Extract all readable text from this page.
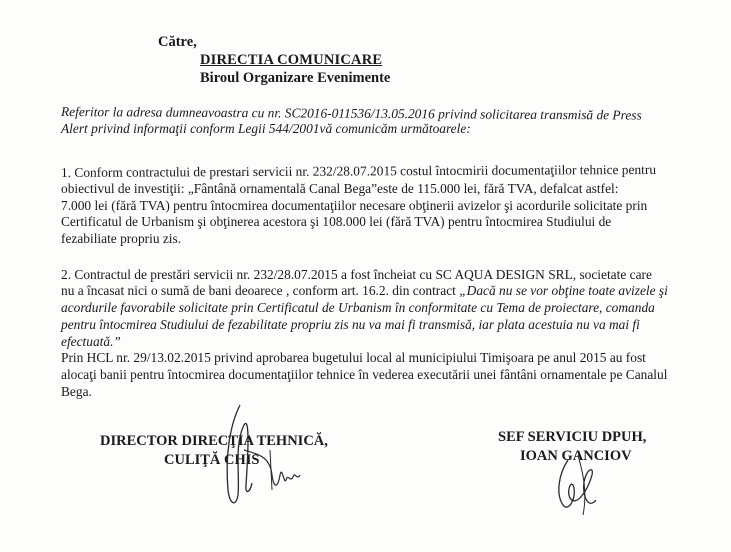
Către,
DIRECTIA COMUNICARE
Biroul Organizare Evenimente
Referitor la adresa dumneavoastra cu nr. SC2016-011536/13.05.2016 privind solicitarea transmisă de Press
Alert privind informaţii conform Legii 544/2001vă comunicăm următoarele:
1. Conform contractului de prestari servicii nr. 232/28.07.2015 costul întocmirii documentaţiilor tehnice pentru
obiectivul de investiţii: „Fântână ornamentală Canal Bega”este de 115.000 lei, fără TVA, defalcat astfel:
7.000 lei (fără TVA) pentru întocmirea documentaţiilor necesare obţinerii avizelor şi acordurile solicitate prin
Certificatul de Urbanism şi obţinerea acestora şi 108.000 lei (fără TVA) pentru întocmirea Studiului de
fezabiliate propriu zis.
2. Contractul de prestări servicii nr. 232/28.07.2015 a fost încheiat cu SC AQUA DESIGN SRL, societate care
nu a încasat nici o sumă de bani deoarece , conform art. 16.2. din contract „Dacă nu se vor obţine toate avizele şi
acordurile favorabile solicitate prin Certificatul de Urbanism în conformitate cu Tema de proiectare, comanda
pentru întocmirea Studiului de fezabilitate propriu zis nu va mai fi transmisă, iar plata acestuia nu va mai fi
efectuată.”
Prin HCL nr. 29/13.02.2015 privind aprobarea bugetului local al municipiului Timişoara pe anul 2015 au fost
alocaţi banii pentru întocmirea documentaţiilor tehnice în vederea executării unei fântâni ornamentale pe Canalul
Bega.
DIRECTOR DIRECŢIA TEHNICĂ,
CULIŢĂ CHIS
SEF SERVICIU DPUH,
IOAN GANCIOV
